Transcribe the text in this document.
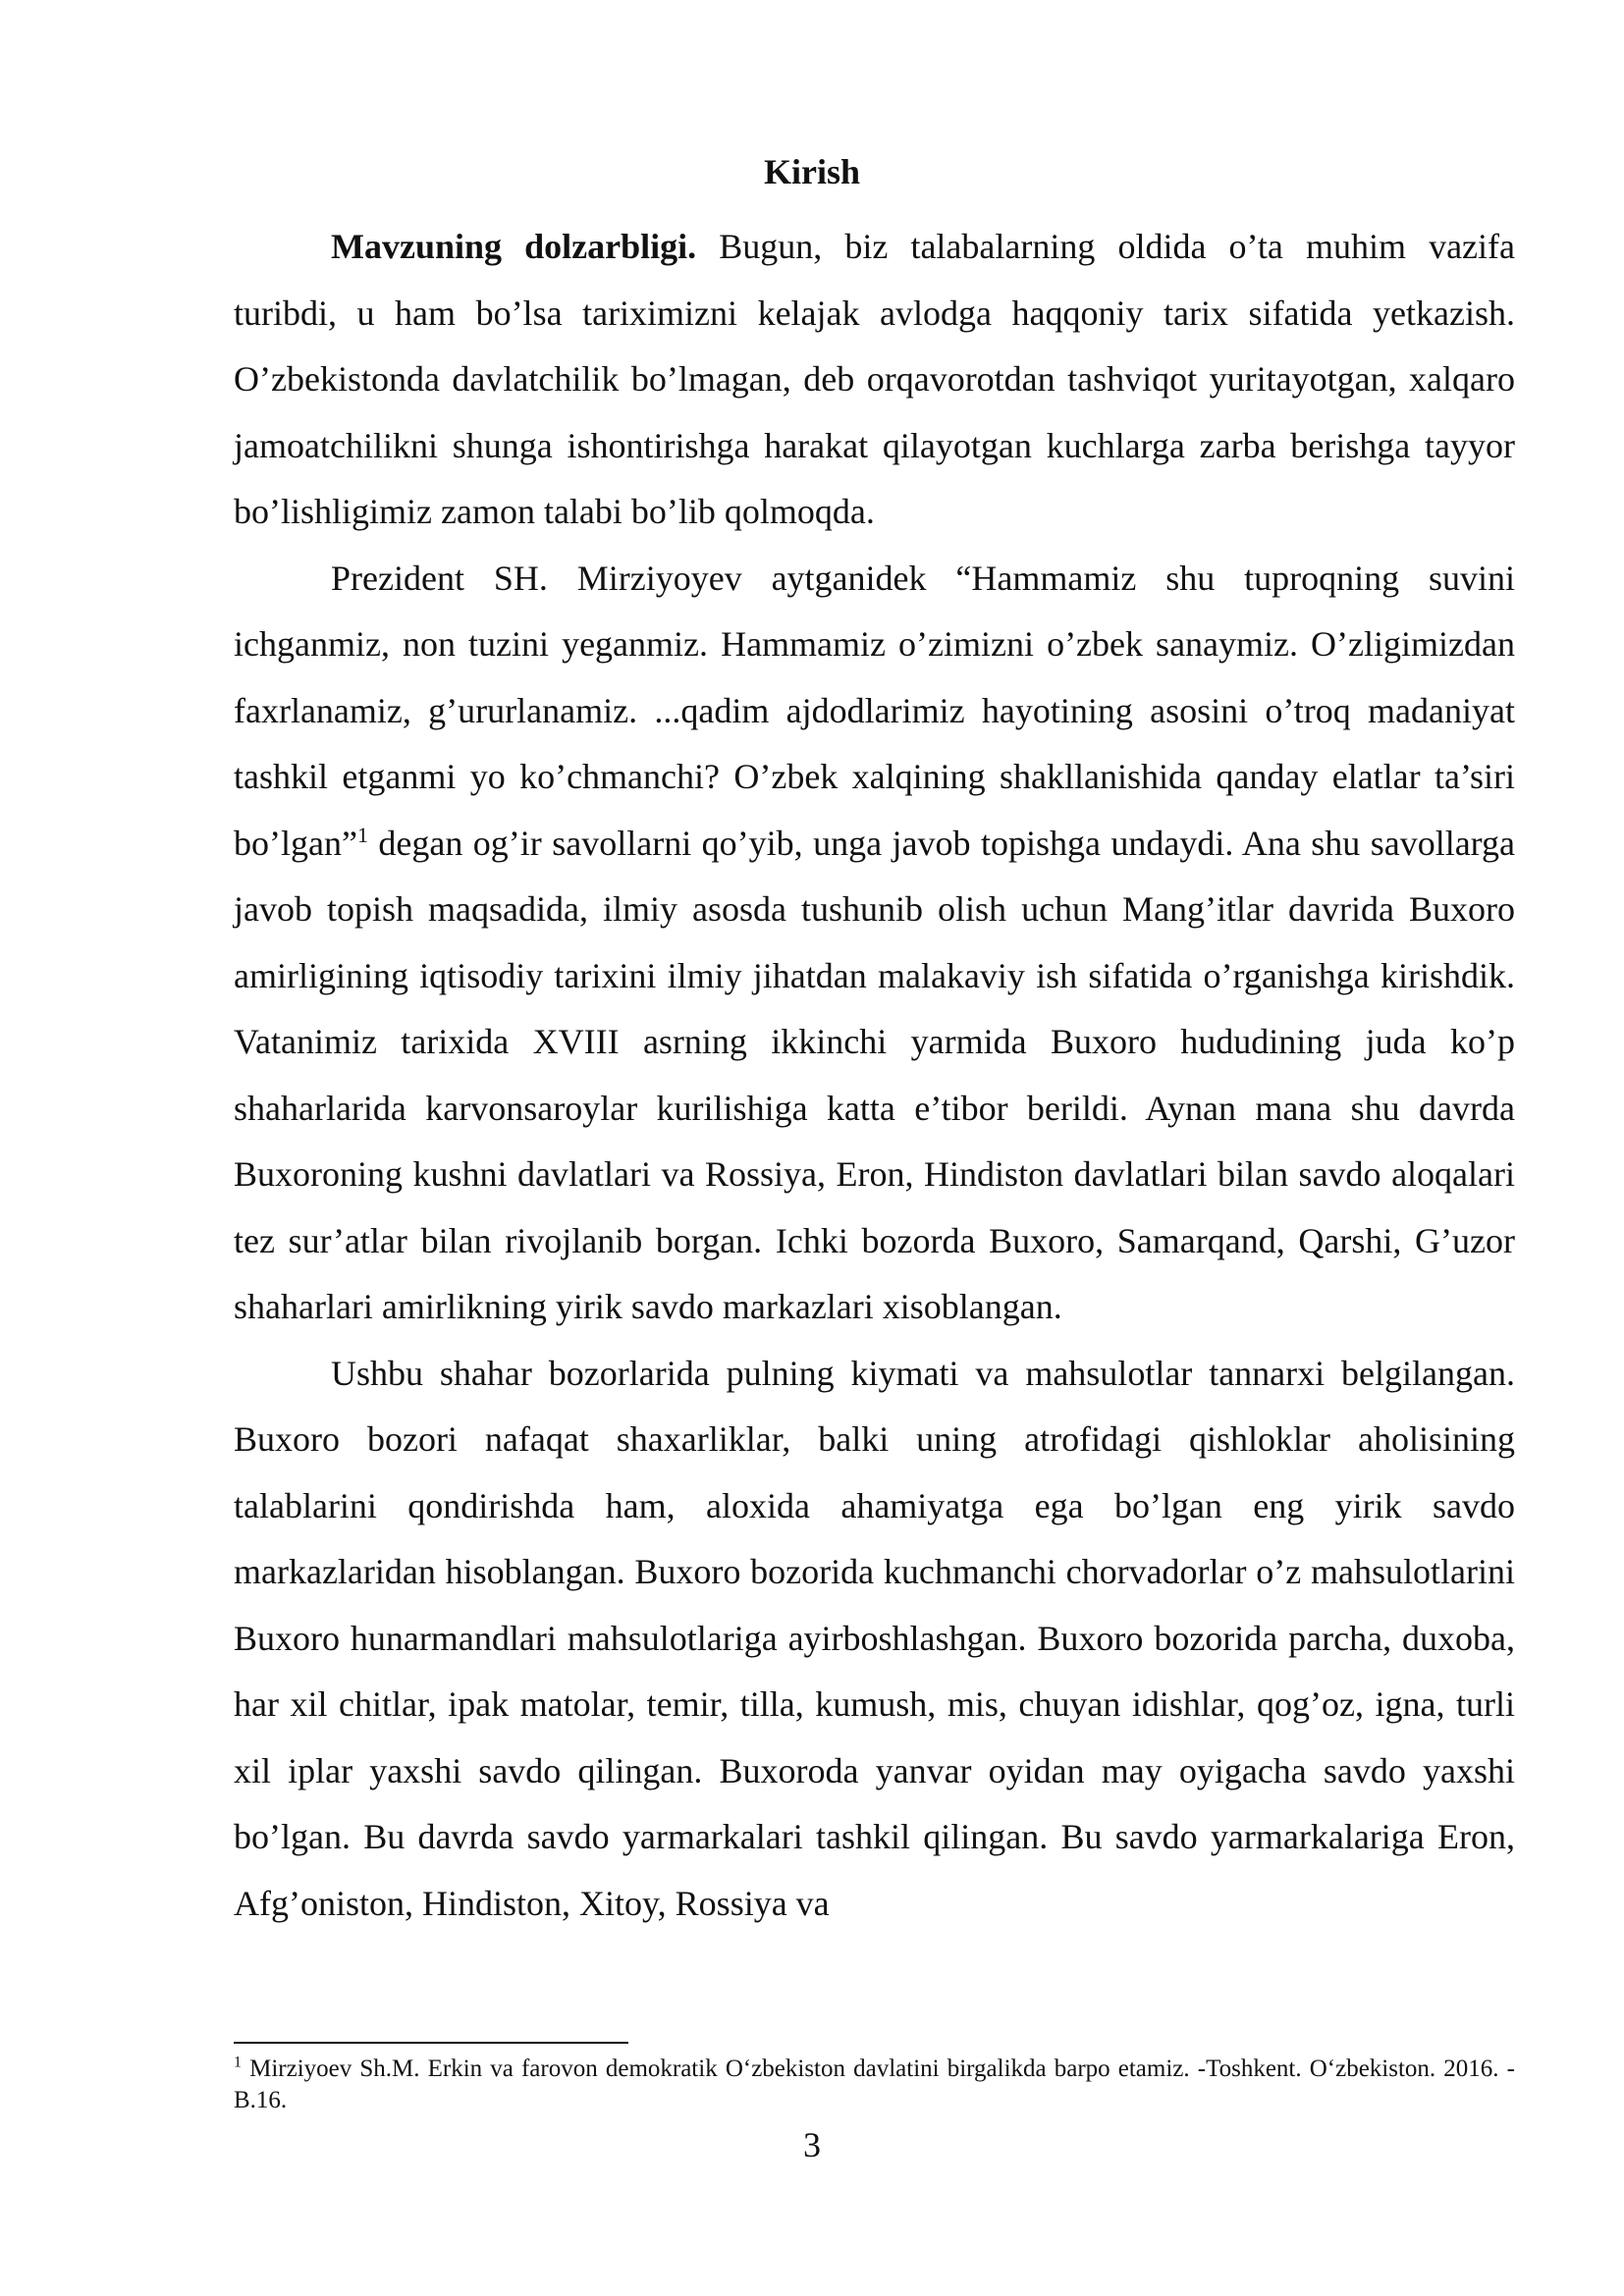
Kirish

Mavzuning dolzarbligi. Bugun, biz talabalarning oldida o’ta muhim vazifa turibdi, u ham bo’lsa tariximizni kelajak avlodga haqqoniy tarix sifatida yetkazish. O’zbekistonda davlatchilik bo’lmagan, deb orqavorotdan tashviqot yuritayotgan, xalqaro jamoatchilikni shunga ishontirishga harakat qilayotgan kuchlarga zarba berishga tayyor bo’lishligimiz zamon talabi bo’lib qolmoqda.

Prezident SH. Mirziyoyev aytganidek “Hammamiz shu tuproqning suvini ichganmiz, non tuzini yeganmiz. Hammamiz o’zimizni o’zbek sanaymiz. O’zligimizdan faxrlanamiz, g’ururlanamiz. ...qadim ajdodlarimiz hayotining asosini o’troq madaniyat tashkil etganmi yo ko’chmanchi? O’zbek xalqining shakllanishida qanday elatlar ta’siri bo’lgan”$^1$ degan og’ir savollarni qo’yib, unga javob topishga undaydi. Ana shu savollarga javob topish maqsadida, ilmiy asosda tushunib olish uchun Mang’itlar davrida Buxoro amirligining iqtisodiy tarixini ilmiy jihatdan malakaviy ish sifatida o’rganishga kirishdik. Vatanimiz tarixida XVIII asrning ikkinchi yarmida Buxoro hududining juda ko’p shaharlarida karvonsaroylar kurilishiga katta e’tibor berildi. Aynan mana shu davrda Buxoroning kushni davlatlari va Rossiya, Eron, Hindiston davlatlari bilan savdo aloqalari tez sur’atlar bilan rivojlanib borgan. Ichki bozorda Buxoro, Samarqand, Qarshi, G’uzor shaharlari amirlikning yirik savdo markazlari xisoblangan.

Ushbu shahar bozorlarida pulning kiymati va mahsulotlar tannarxi belgilangan. Buxoro bozori nafaqat shaxarliklar, balki uning atrofidagi qishloklar aholisining talablarini qondirishda ham, aloxida ahamiyatga ega bo’lgan eng yirik savdo markazlaridan hisoblangan. Buxoro bozorida kuchmanchi chorvadorlar o’z mahsulotlarini Buxoro hunarmandlari mahsulotlariga ayirboshlashgan. Buxoro bozorida parcha, duxoba, har xil chitlar, ipak matolar, temir, tilla, kumush, mis, chuyan idishlar, qog’oz, igna, turli xil iplar yaxshi savdo qilingan. Buxoroda yanvar oyidan may oyigacha savdo yaxshi bo’lgan. Bu davrda savdo yarmarkalari tashkil qilingan. Bu savdo yarmarkalariga Eron, Afg’oniston, Hindiston, Xitoy, Rossiya va

$^1$ Mirziyoev Sh.M. Erkin va farovon demokratik O‘zbekiston davlatini birgalikda barpo etamiz. -Toshkent. O‘zbekiston. 2016. - B.16.
3
